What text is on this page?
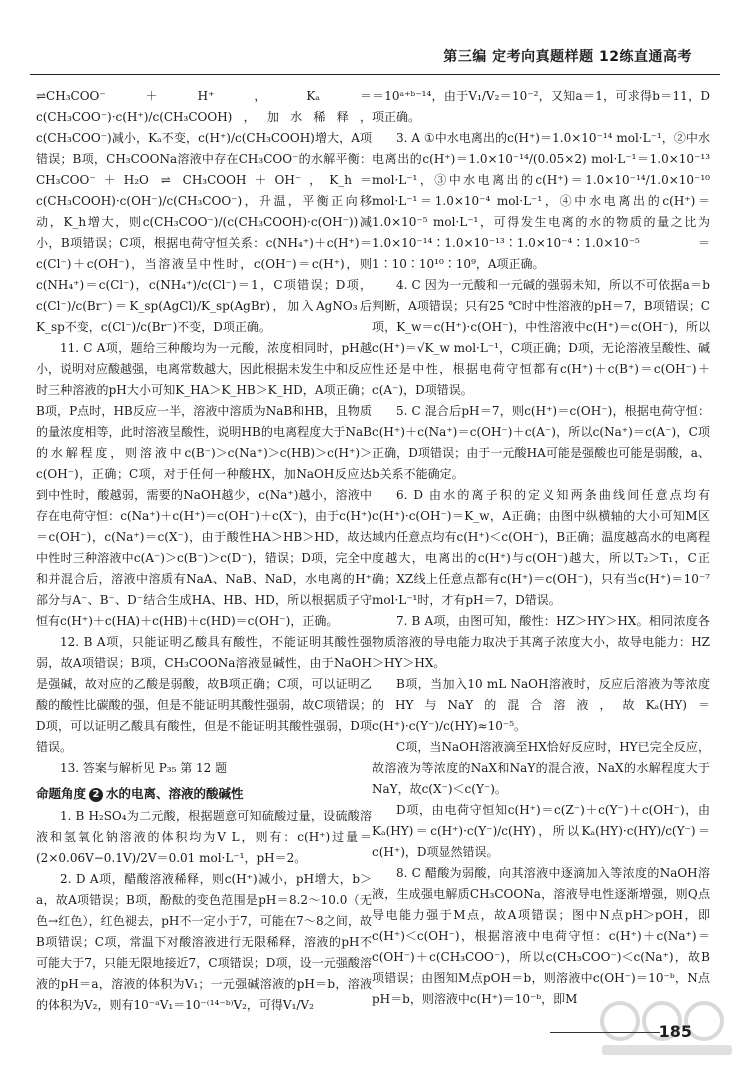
第三编 定考向真题样题 12练直通高考

⇌CH₃COO⁻＋H⁺，Kₐ＝c(CH₃COO⁻)·c(H⁺)/c(CH₃COOH)，加水稀释，c(CH₃COO⁻)减小，Kₐ不变，c(H⁺)/c(CH₃COOH)增大，A项错误；B项，CH₃COONa溶液中存在CH₃COO⁻的水解平衡：CH₃COO⁻＋H₂O ⇌ CH₃COOH＋OH⁻，K_h＝c(CH₃COOH)·c(OH⁻)/c(CH₃COO⁻)，升温，平衡正向移动，K_h增大，则c(CH₃COO⁻)/(c(CH₃COOH)·c(OH⁻))减小，B项错误；C项，根据电荷守恒关系：c(NH₄⁺)＋c(H⁺)＝c(Cl⁻)＋c(OH⁻)，当溶液呈中性时，c(OH⁻)＝c(H⁺)，则c(NH₄⁺)＝c(Cl⁻)，c(NH₄⁺)/c(Cl⁻)＝1，C项错误；D项，c(Cl⁻)/c(Br⁻)＝K_sp(AgCl)/K_sp(AgBr)，加入AgNO₃后K_sp不变，c(Cl⁻)/c(Br⁻)不变，D项正确。

11. C A项，题给三种酸均为一元酸，浓度相同时，pH越小，说明对应酸越强，电离常数越大，因此根据未发生中和反应时三种溶液的pH大小可知K_HA＞K_HB＞K_HD，A项正确；B项，P点时，HB反应一半，溶液中溶质为NaB和HB，且物质的量浓度相等，此时溶液呈酸性，说明HB的电离程度大于NaB的水解程度，则溶液中c(B⁻)＞c(Na⁺)＞c(HB)＞c(H⁺)＞c(OH⁻)，正确；C项，对于任何一种酸HX，加NaOH反应达到中性时，酸越弱，需要的NaOH越少，c(Na⁺)越小，溶液中存在电荷守恒：c(Na⁺)＋c(H⁺)＝c(OH⁻)＋c(X⁻)，由于c(H⁺)＝c(OH⁻)，c(Na⁺)＝c(X⁻)，由于酸性HA＞HB＞HD，故达中性时三种溶液中c(A⁻)＞c(B⁻)＞c(D⁻)，错误；D项，完全中和并混合后，溶液中溶质有NaA、NaB、NaD，水电离的H⁺部分与A⁻、B⁻、D⁻结合生成HA、HB、HD，所以根据质子守恒有c(H⁺)＋c(HA)＋c(HB)＋c(HD)＝c(OH⁻)，正确。

12. B A项，只能证明乙酸具有酸性，不能证明其酸性强弱，故A项错误；B项，CH₃COONa溶液显碱性，由于NaOH是强碱，故对应的乙酸是弱酸，故B项正确；C项，可以证明乙酸的酸性比碳酸的强，但是不能证明其酸性强弱，故C项错误；D项，可以证明乙酸具有酸性，但是不能证明其酸性强弱，D项错误。

13. 答案与解析见 P₃₅ 第 12 题

命题角度 2 水的电离、溶液的酸碱性

1. B H₂SO₄为二元酸，根据题意可知硫酸过量，设硫酸溶液和氢氧化钠溶液的体积均为V L，则有：c(H⁺)过量＝(2×0.06V−0.1V)/2V＝0.01 mol·L⁻¹，pH＝2。

2. D A项，醋酸溶液稀释，则c(H⁺)减小，pH增大，b＞a，故A项错误；B项，酚酞的变色范围是pH＝8.2～10.0（无色→红色），红色褪去，pH不一定小于7，可能在7～8之间，故B项错误；C项，常温下对酸溶液进行无限稀释，溶液的pH不可能大于7，只能无限地接近7，C项错误；D项，设一元强酸溶液的pH＝a，溶液的体积为V₁；一元强碱溶液的pH＝b，溶液的体积为V₂，则有10⁻ᵃV₁＝10⁻⁽¹⁴⁻ᵇ⁾V₂，可得V₁/V₂

＝10ᵃ⁺ᵇ⁻¹⁴，由于V₁/V₂＝10⁻²，又知a＝1，可求得b＝11，D项正确。

3. A ①中水电离出的c(H⁺)＝1.0×10⁻¹⁴ mol·L⁻¹，②中水电离出的c(H⁺)＝1.0×10⁻¹⁴/(0.05×2) mol·L⁻¹＝1.0×10⁻¹³ mol·L⁻¹，③中水电离出的c(H⁺)＝1.0×10⁻¹⁴/1.0×10⁻¹⁰ mol·L⁻¹＝1.0×10⁻⁴ mol·L⁻¹，④中水电离出的c(H⁺)＝1.0×10⁻⁵ mol·L⁻¹，可得发生电离的水的物质的量之比为1.0×10⁻¹⁴∶1.0×10⁻¹³∶1.0×10⁻⁴∶1.0×10⁻⁵＝1∶10∶10¹⁰∶10⁹，A项正确。

4. C 因为一元酸和一元碱的强弱未知，所以不可依据a＝b判断，A项错误；只有25 ℃时中性溶液的pH＝7，B项错误；C项，K_w＝c(H⁺)·c(OH⁻)，中性溶液中c(H⁺)＝c(OH⁻)，所以c(H⁺)＝√K_w mol·L⁻¹，C项正确；D项，无论溶液呈酸性、碱性还是中性，根据电荷守恒都有c(H⁺)＋c(B⁺)＝c(OH⁻)＋c(A⁻)，D项错误。

5. C 混合后pH＝7，则c(H⁺)＝c(OH⁻)，根据电荷守恒：c(H⁺)＋c(Na⁺)＝c(OH⁻)＋c(A⁻)，所以c(Na⁺)＝c(A⁻)，C项正确，D项错误；由于一元酸HA可能是强酸也可能是弱酸，a、b关系不能确定。

6. D 由水的离子积的定义知两条曲线间任意点均有c(H⁺)·c(OH⁻)＝K_w，A正确；由图中纵横轴的大小可知M区域内任意点均有c(H⁺)＜c(OH⁻)，B正确；温度越高水的电离程度越大，电离出的c(H⁺)与c(OH⁻)越大，所以T₂＞T₁，C正确；XZ线上任意点都有c(H⁺)＝c(OH⁻)，只有当c(H⁺)＝10⁻⁷ mol·L⁻¹时，才有pH＝7，D错误。

7. B A项，由图可知，酸性：HZ＞HY＞HX。相同浓度各物质溶液的导电能力取决于其离子浓度大小，故导电能力：HZ＞HY＞HX。

B项，当加入10 mL NaOH溶液时，反应后溶液为等浓度的HY与NaY的混合溶液，故Kₐ(HY)＝c(H⁺)·c(Y⁻)/c(HY)≈10⁻⁵。

C项，当NaOH溶液滴至HX恰好反应时，HY已完全反应，故溶液为等浓度的NaX和NaY的混合液，NaX的水解程度大于NaY，故c(X⁻)＜c(Y⁻)。

D项，由电荷守恒知c(H⁺)＝c(Z⁻)＋c(Y⁻)＋c(OH⁻)，由Kₐ(HY)＝c(H⁺)·c(Y⁻)/c(HY)，所以Kₐ(HY)·c(HY)/c(Y⁻)＝c(H⁺)，D项显然错误。

8. C 醋酸为弱酸，向其溶液中逐滴加入等浓度的NaOH溶液，生成强电解质CH₃COONa，溶液导电性逐渐增强，则Q点导电能力强于M点，故A项错误；图中N点pH＞pOH，即c(H⁺)＜c(OH⁻)，根据溶液中电荷守恒：c(H⁺)＋c(Na⁺)＝c(OH⁻)＋c(CH₃COO⁻)，所以c(CH₃COO⁻)＜c(Na⁺)，故B项错误；由图知M点pOH＝b，则溶液中c(OH⁻)＝10⁻ᵇ，N点pH＝b，则溶液中c(H⁺)＝10⁻ᵇ，即M

185
